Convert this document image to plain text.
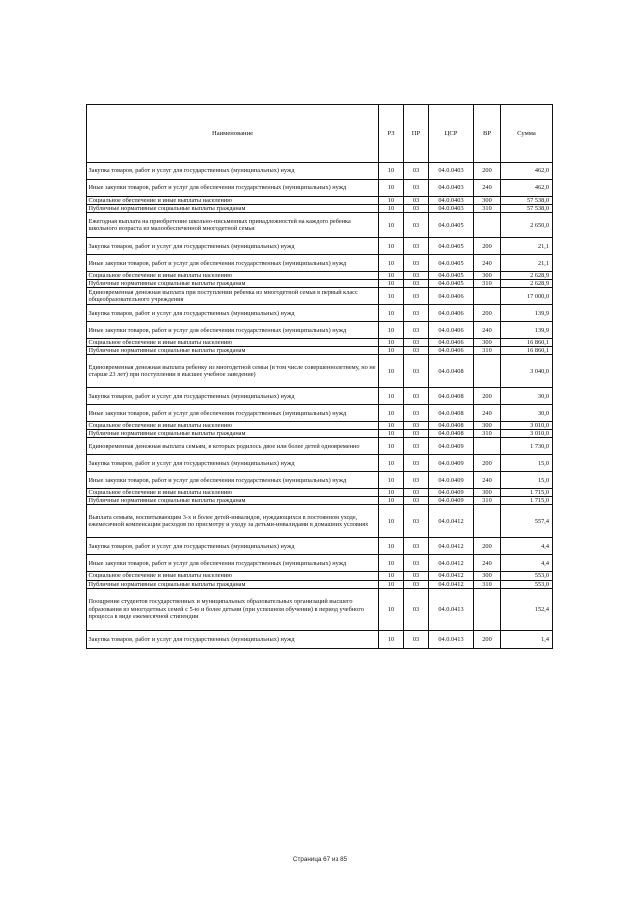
Наименование	РЗ	ПР	ЦСР	ВР	Сумма
Закупка товаров, работ и услуг для государственных (муниципальных) нужд	10	03	04.0.0403	200	462,0
Иные закупки товаров, работ и услуг для обеспечения государственных (муниципальных) нужд	10	03	04.0.0403	240	462,0
Социальное обеспечение и иные выплаты населению	10	03	04.0.0403	300	57 538,0
Публичные нормативные социальные выплаты гражданам	10	03	04.0.0403	310	57 538,0
Ежегодная выплата на приобретение школьно-письменных принадлежностей на каждого ребенка школьного возраста из малообеспеченной многодетной семьи	10	03	04.0.0405		2 650,0
Закупка товаров, работ и услуг для государственных (муниципальных) нужд	10	03	04.0.0405	200	21,1
Иные закупки товаров, работ и услуг для обеспечения государственных (муниципальных) нужд	10	03	04.0.0405	240	21,1
Социальное обеспечение и иные выплаты населению	10	03	04.0.0405	300	2 628,9
Публичные нормативные социальные выплаты гражданам	10	03	04.0.0405	310	2 628,9
Единовременная денежная выплата при поступлении ребенка из многодетной семьи в первый класс общеобразовательного учреждения	10	03	04.0.0406		17 000,0
Закупка товаров, работ и услуг для государственных (муниципальных) нужд	10	03	04.0.0406	200	139,9
Иные закупки товаров, работ и услуг для обеспечения государственных (муниципальных) нужд	10	03	04.0.0406	240	139,9
Социальное обеспечение и иные выплаты населению	10	03	04.0.0406	300	16 860,1
Публичные нормативные социальные выплаты гражданам	10	03	04.0.0406	310	16 860,1
Единовременная денежная выплата ребенку из многодетной семьи (в том числе совершеннолетнему, но не старше 23 лет) при поступлении в высшее учебное заведение)	10	03	04.0.0408		3 040,0
Закупка товаров, работ и услуг для государственных (муниципальных) нужд	10	03	04.0.0408	200	30,0
Иные закупки товаров, работ и услуг для обеспечения государственных (муниципальных) нужд	10	03	04.0.0408	240	30,0
Социальное обеспечение и иные выплаты населению	10	03	04.0.0408	300	3 010,0
Публичные нормативные социальные выплаты гражданам	10	03	04.0.0408	310	3 010,0
Единовременная денежная выплата семьям, в которых родилось двое или более детей одновременно	10	03	04.0.0409		1 730,0
Закупка товаров, работ и услуг для государственных (муниципальных) нужд	10	03	04.0.0409	200	15,0
Иные закупки товаров, работ и услуг для обеспечения государственных (муниципальных) нужд	10	03	04.0.0409	240	15,0
Социальное обеспечение и иные выплаты населению	10	03	04.0.0409	300	1 715,0
Публичные нормативные социальные выплаты гражданам	10	03	04.0.0409	310	1 715,0
Выплата семьям, воспитывающим 3-х и более детей-инвалидов, нуждающихся в постоянном уходе, ежемесячной компенсации расходов по присмотру и уходу за детьми-инвалидами в домашних условиях	10	03	04.0.0412		557,4
Закупка товаров, работ и услуг для государственных (муниципальных) нужд	10	03	04.0.0412	200	4,4
Иные закупки товаров, работ и услуг для обеспечения государственных (муниципальных) нужд	10	03	04.0.0412	240	4,4
Социальное обеспечение и иные выплаты населению	10	03	04.0.0412	300	553,0
Публичные нормативные социальные выплаты гражданам	10	03	04.0.0412	310	553,0
Поощрение студентов государственных и муниципальных образовательных организаций высшего образования из многодетных семей с 5-ю и более детьми (при успешном обучении) в период учебного процесса в виде ежемесячной стипендии	10	03	04.0.0413		152,4
Закупка товаров, работ и услуг для государственных (муниципальных) нужд	10	03	04.0.0413	200	1,4
Страница 67 из 85
